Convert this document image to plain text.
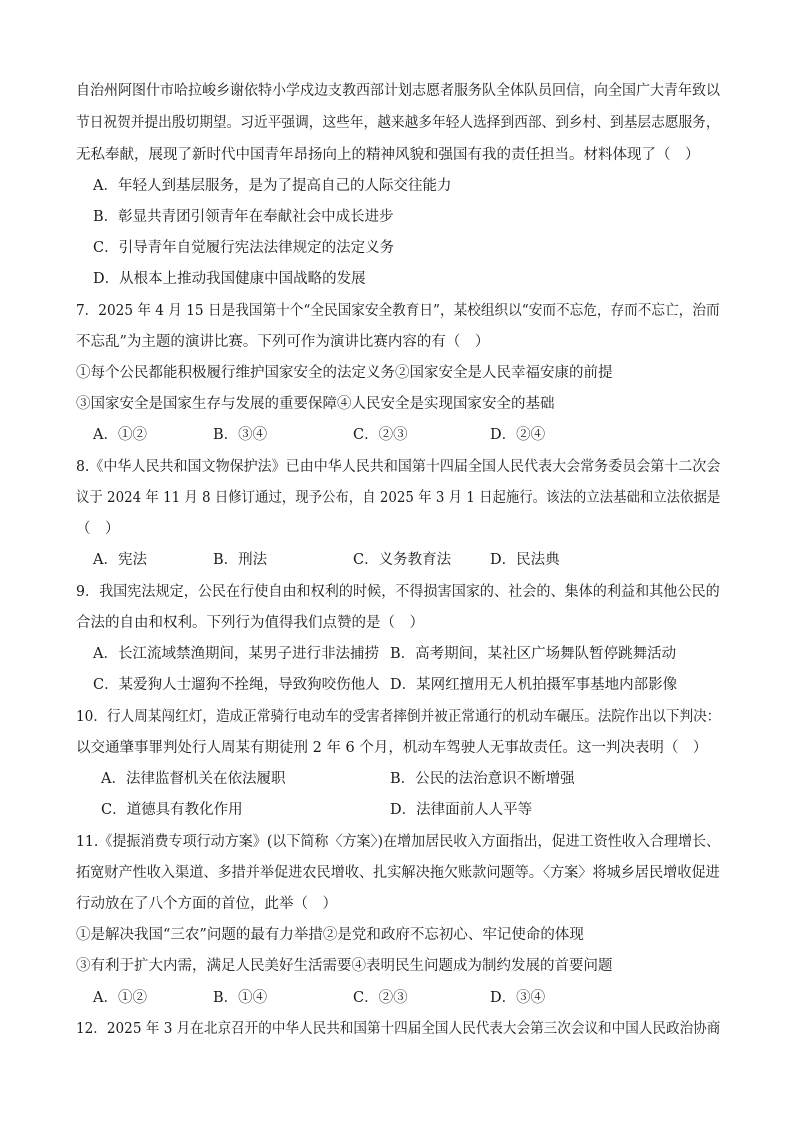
自治州阿图什市哈拉峻乡谢依特小学戍边支教西部计划志愿者服务队全体队员回信，向全国广大青年致以
节日祝贺并提出殷切期望。习近平强调，这些年，越来越多年轻人选择到西部、到乡村、到基层志愿服务，
无私奉献，展现了新时代中国青年昂扬向上的精神风貌和强国有我的责任担当。材料体现了（　）
A．年轻人到基层服务，是为了提高自己的人际交往能力
B．彰显共青团引领青年在奉献社会中成长进步
C．引导青年自觉履行宪法法律规定的法定义务
D．从根本上推动我国健康中国战略的发展
7．2025 年 4 月 15 日是我国第十个“全民国家安全教育日”，某校组织以“安而不忘危，存而不忘亡，治而
不忘乱”为主题的演讲比赛。下列可作为演讲比赛内容的有（　）
①每个公民都能积极履行维护国家安全的法定义务②国家安全是人民幸福安康的前提
③国家安全是国家生存与发展的重要保障④人民安全是实现国家安全的基础
A．①②	B．③④	C．②③	D．②④
8.《中华人民共和国文物保护法》已由中华人民共和国第十四届全国人民代表大会常务委员会第十二次会
议于 2024 年 11 月 8 日修订通过，现予公布，自 2025 年 3 月 1 日起施行。该法的立法基础和立法依据是
（　）
A．宪法	B．刑法	C．义务教育法	D．民法典
9．我国宪法规定，公民在行使自由和权利的时候，不得损害国家的、社会的、集体的利益和其他公民的
合法的自由和权利。下列行为值得我们点赞的是（　）
A．长江流域禁渔期间，某男子进行非法捕捞 B．高考期间，某社区广场舞队暂停跳舞活动
C．某爱狗人士遛狗不拴绳，导致狗咬伤他人 D．某网红擅用无人机拍摄军事基地内部影像
10．行人周某闯红灯，造成正常骑行电动车的受害者摔倒并被正常通行的机动车碾压。法院作出以下判决：
以交通肇事罪判处行人周某有期徒刑 2 年 6 个月，机动车驾驶人无事故责任。这一判决表明（　）
A．法律监督机关在依法履职	B．公民的法治意识不断增强
C．道德具有教化作用	D．法律面前人人平等
11.《提振消费专项行动方案》(以下简称〈方案〉)在增加居民收入方面指出，促进工资性收入合理增长、
拓宽财产性收入渠道、多措并举促进农民增收、扎实解决拖欠账款问题等。〈方案〉将城乡居民增收促进
行动放在了八个方面的首位，此举（　）
①是解决我国“三农”问题的最有力举措②是党和政府不忘初心、牢记使命的体现
③有利于扩大内需，满足人民美好生活需要④表明民生问题成为制约发展的首要问题
A．①②	B．①④	C．②③	D．③④
12．2025 年 3 月在北京召开的中华人民共和国第十四届全国人民代表大会第三次会议和中国人民政治协商
